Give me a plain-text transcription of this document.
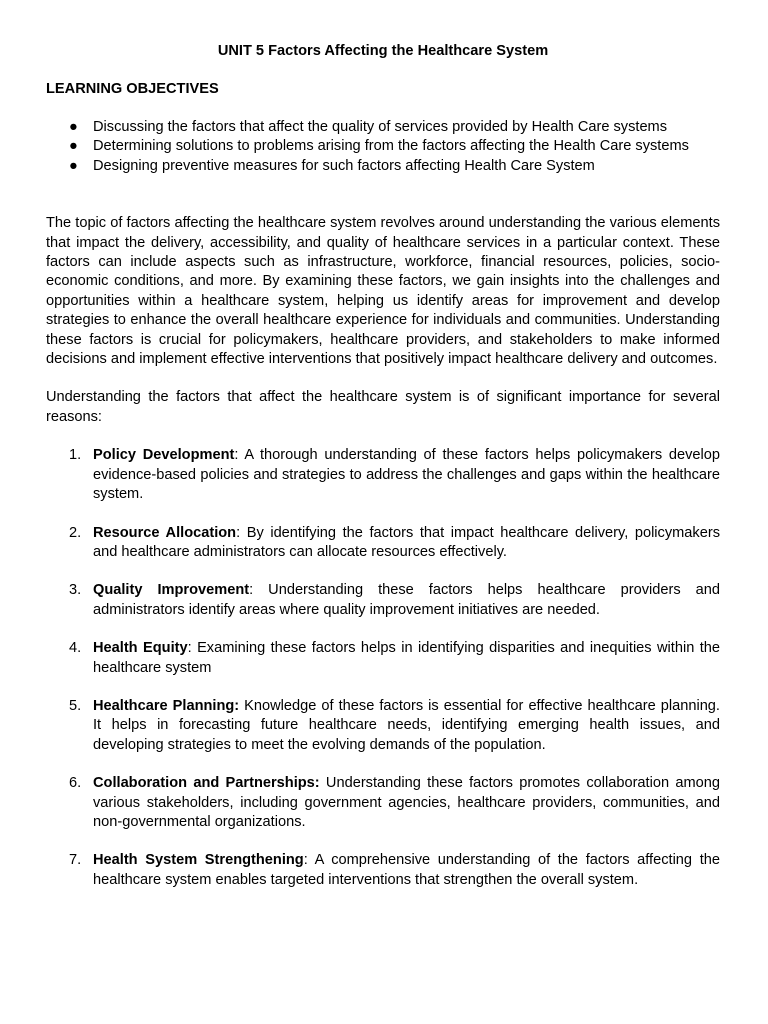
UNIT 5 Factors Affecting the Healthcare System
LEARNING OBJECTIVES
● Discussing the factors that affect the quality of services provided by Health Care systems
● Determining solutions to problems arising from the factors affecting the Health Care systems
● Designing preventive measures for such factors affecting Health Care System

The topic of factors affecting the healthcare system revolves around understanding the various elements that impact the delivery, accessibility, and quality of healthcare services in a particular context. These factors can include aspects such as infrastructure, workforce, financial resources, policies, socio-economic conditions, and more. By examining these factors, we gain insights into the challenges and opportunities within a healthcare system, helping us identify areas for improvement and develop strategies to enhance the overall healthcare experience for individuals and communities. Understanding these factors is crucial for policymakers, healthcare providers, and stakeholders to make informed decisions and implement effective interventions that positively impact healthcare delivery and outcomes.

Understanding the factors that affect the healthcare system is of significant importance for several reasons:

1. Policy Development: A thorough understanding of these factors helps policymakers develop evidence-based policies and strategies to address the challenges and gaps within the healthcare system.
2. Resource Allocation: By identifying the factors that impact healthcare delivery, policymakers and healthcare administrators can allocate resources effectively.
3. Quality Improvement: Understanding these factors helps healthcare providers and administrators identify areas where quality improvement initiatives are needed.
4. Health Equity: Examining these factors helps in identifying disparities and inequities within the healthcare system
5. Healthcare Planning: Knowledge of these factors is essential for effective healthcare planning. It helps in forecasting future healthcare needs, identifying emerging health issues, and developing strategies to meet the evolving demands of the population.
6. Collaboration and Partnerships: Understanding these factors promotes collaboration among various stakeholders, including government agencies, healthcare providers, communities, and non-governmental organizations.
7. Health System Strengthening: A comprehensive understanding of the factors affecting the healthcare system enables targeted interventions that strengthen the overall system.
